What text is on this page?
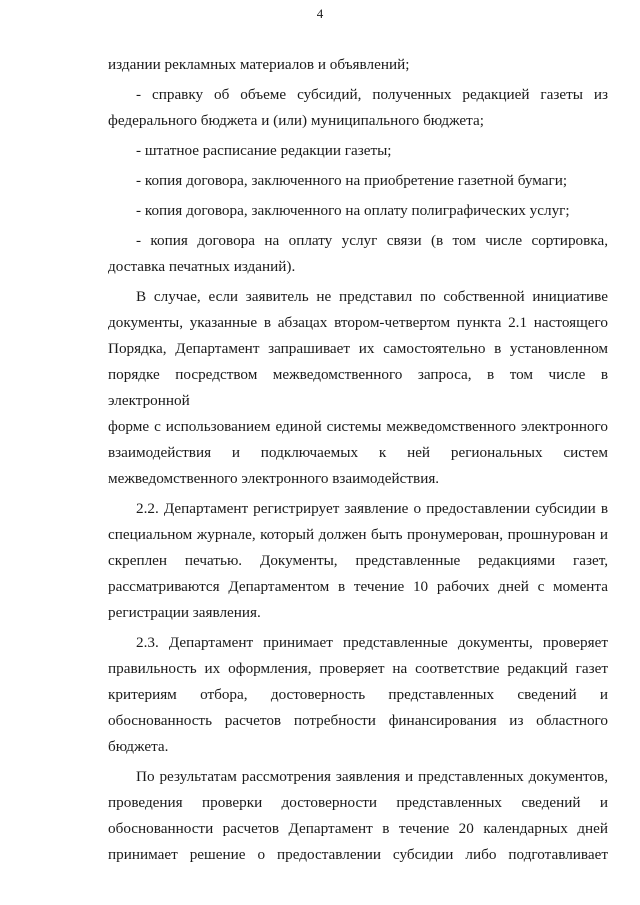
4
издании рекламных материалов и объявлений;
- справку об объеме субсидий, полученных редакцией газеты из
федерального бюджета и (или) муниципального бюджета;
- штатное расписание редакции газеты;
- копия договора, заключенного на приобретение газетной бумаги;
- копия договора, заключенного на оплату полиграфических услуг;
- копия договора на оплату услуг связи (в том числе сортировка,
доставка печатных изданий).
В случае, если заявитель не представил по собственной инициативе
документы, указанные в абзацах втором-четвертом пункта 2.1 настоящего
Порядка, Департамент запрашивает их самостоятельно в установленном
порядке посредством межведомственного запроса, в том числе в электронной
форме с использованием единой системы межведомственного электронного
взаимодействия и подключаемых к ней региональных систем
межведомственного электронного взаимодействия.
2.2. Департамент регистрирует заявление о предоставлении субсидии в
специальном журнале, который должен быть пронумерован, прошнурован и
скреплен печатью. Документы, представленные редакциями газет,
рассматриваются Департаментом в течение 10 рабочих дней с момента
регистрации заявления.
2.3. Департамент принимает представленные документы, проверяет
правильность их оформления, проверяет на соответствие редакций газет
критериям отбора, достоверность представленных сведений и
обоснованность расчетов потребности финансирования из областного
бюджета.
По результатам рассмотрения заявления и представленных документов,
проведения проверки достоверности представленных сведений и
обоснованности расчетов Департамент в течение 20 календарных дней
принимает решение о предоставлении субсидии либо подготавливает
